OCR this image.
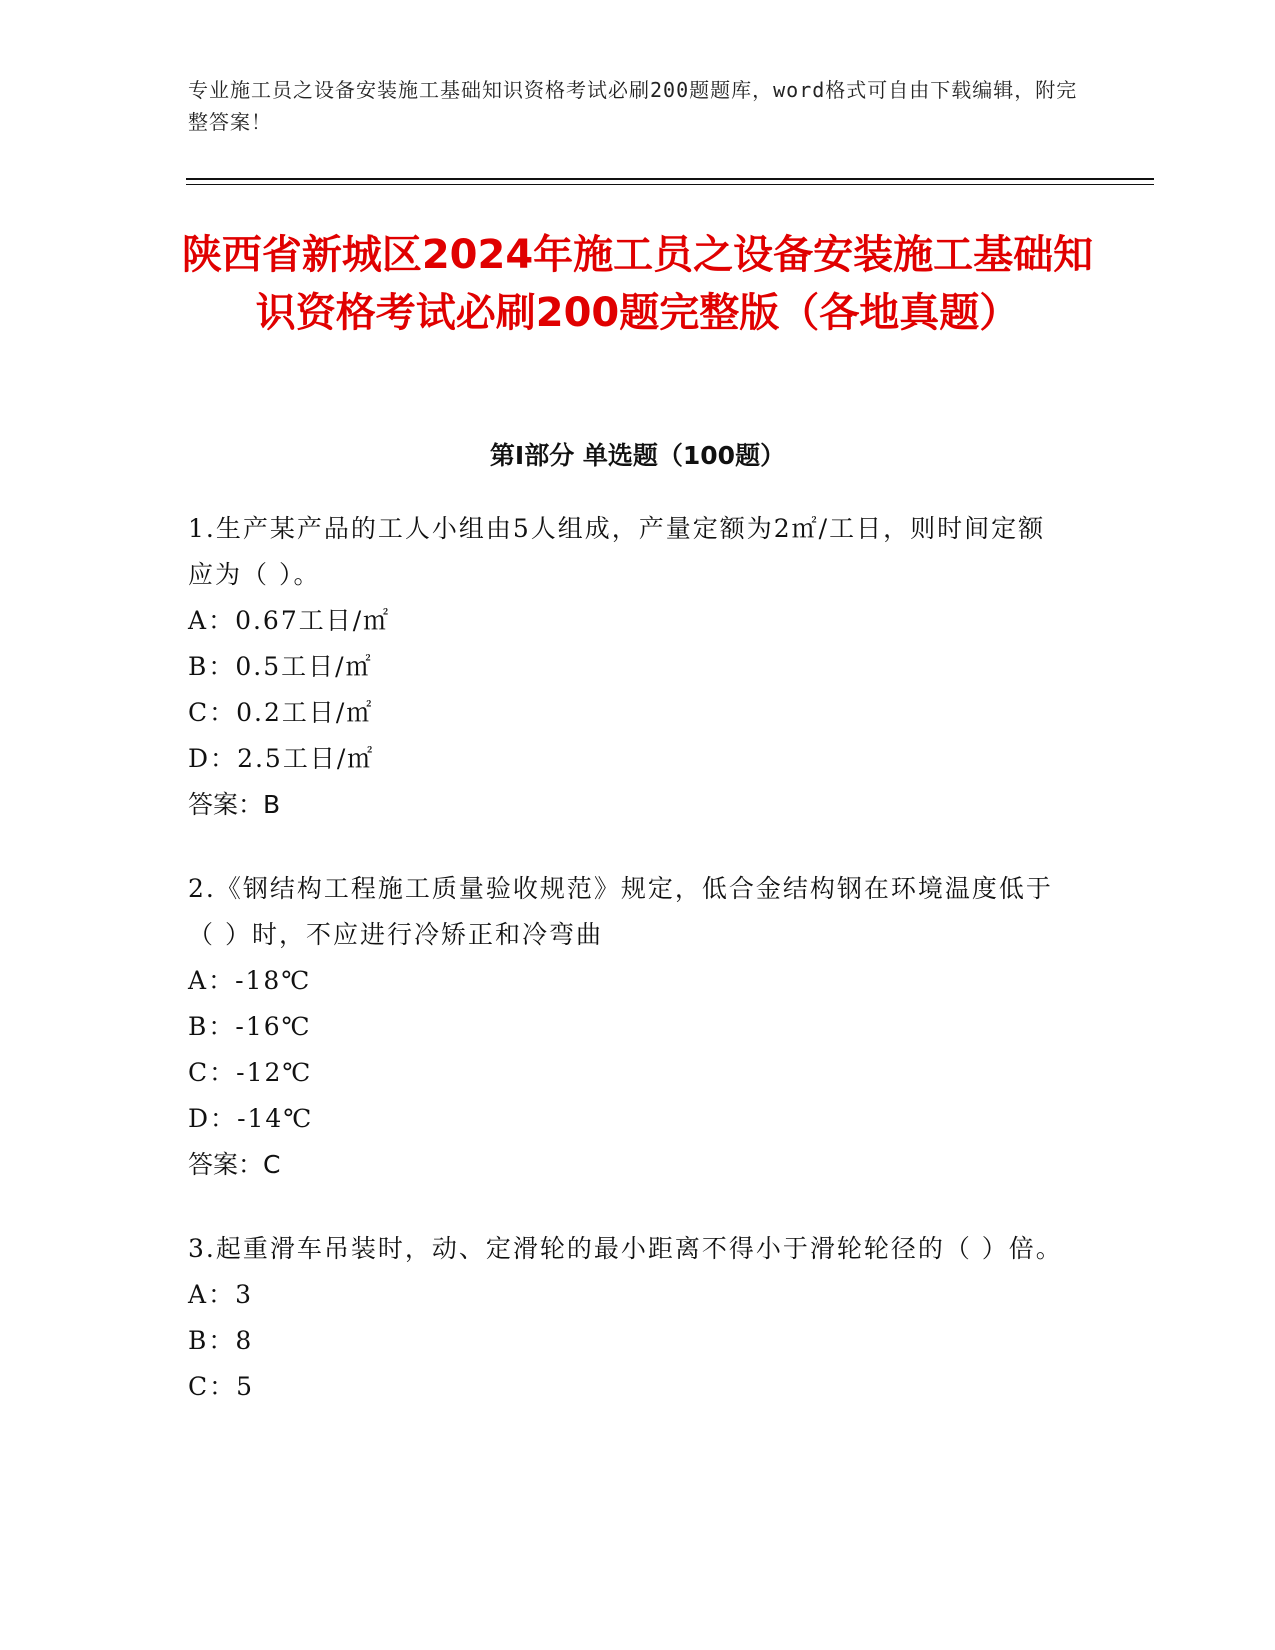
专业施工员之设备安装施工基础知识资格考试必刷200题题库，word格式可自由下载编辑，附完整答案！
陕西省新城区2024年施工员之设备安装施工基础知识资格考试必刷200题完整版（各地真题）
第I部分 单选题（100题）

1.生产某产品的工人小组由5人组成，产量定额为2㎡/工日，则时间定额应为（ ）。

A：0.67工日/㎡

B：0.5工日/㎡

C：0.2工日/㎡

D：2.5工日/㎡

答案：B

2.《钢结构工程施工质量验收规范》规定，低合金结构钢在环境温度低于（ ）时，不应进行冷矫正和冷弯曲

A：-18℃

B：-16℃

C：-12℃

D：-14℃

答案：C

3.起重滑车吊装时，动、定滑轮的最小距离不得小于滑轮轮径的（ ）倍。

A：3

B：8

C：5
